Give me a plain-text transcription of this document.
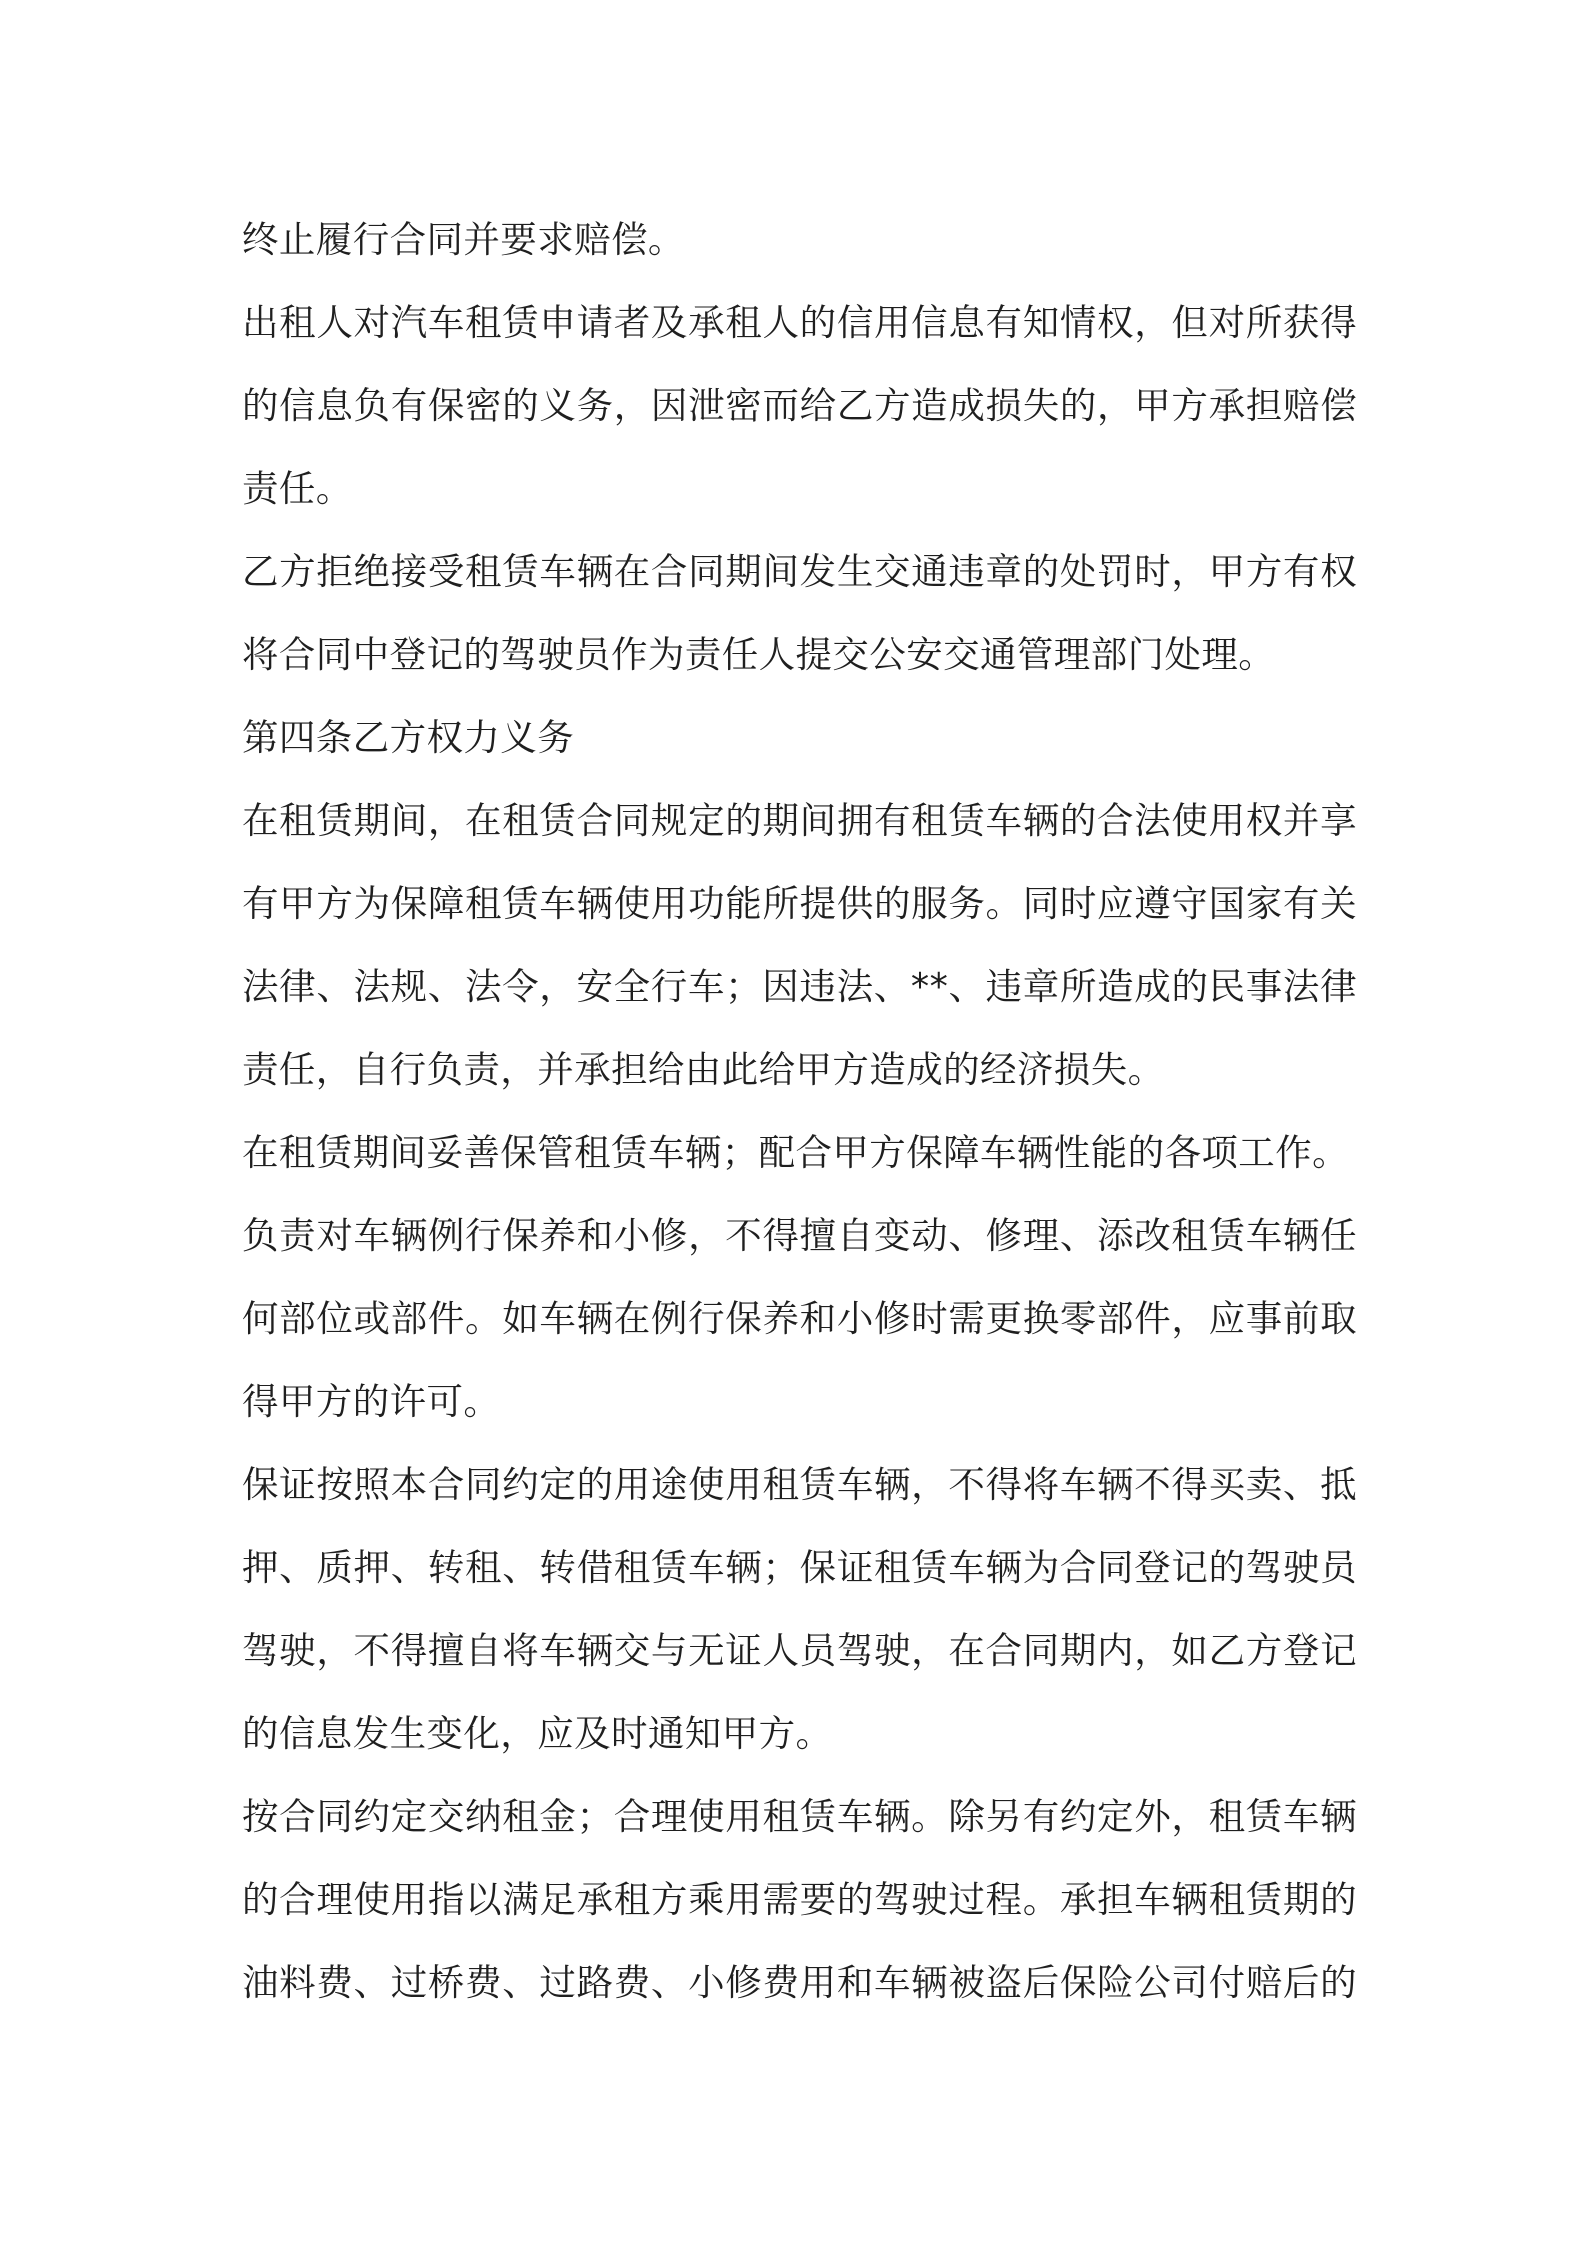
终止履行合同并要求赔偿。

出租人对汽车租赁申请者及承租人的信用信息有知情权，但对所获得的信息负有保密的义务，因泄密而给乙方造成损失的，甲方承担赔偿责任。

乙方拒绝接受租赁车辆在合同期间发生交通违章的处罚时，甲方有权将合同中登记的驾驶员作为责任人提交公安交通管理部门处理。

第四条乙方权力义务

在租赁期间，在租赁合同规定的期间拥有租赁车辆的合法使用权并享有甲方为保障租赁车辆使用功能所提供的服务。同时应遵守国家有关法律、法规、法令，安全行车；因违法、**、违章所造成的民事法律责任，自行负责，并承担给由此给甲方造成的经济损失。

在租赁期间妥善保管租赁车辆；配合甲方保障车辆性能的各项工作。

负责对车辆例行保养和小修，不得擅自变动、修理、添改租赁车辆任何部位或部件。如车辆在例行保养和小修时需更换零部件，应事前取得甲方的许可。

保证按照本合同约定的用途使用租赁车辆，不得将车辆不得买卖、抵押、质押、转租、转借租赁车辆；保证租赁车辆为合同登记的驾驶员驾驶，不得擅自将车辆交与无证人员驾驶，在合同期内，如乙方登记的信息发生变化，应及时通知甲方。

按合同约定交纳租金；合理使用租赁车辆。除另有约定外，租赁车辆的合理使用指以满足承租方乘用需要的驾驶过程。承担车辆租赁期的油料费、过桥费、过路费、小修费用和车辆被盗后保险公司付赔后的
